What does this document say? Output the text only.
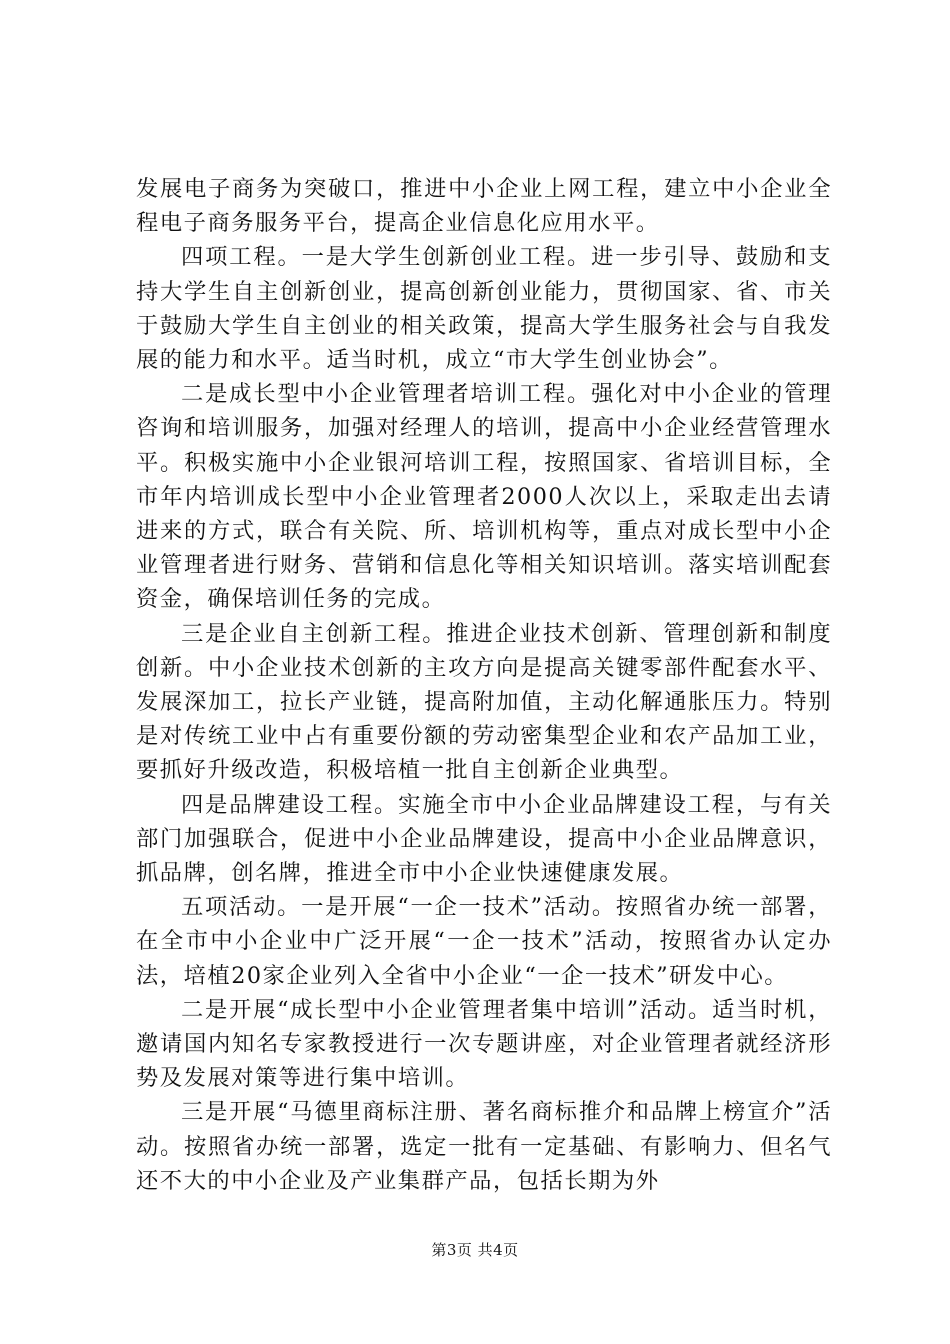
发展电子商务为突破口，推进中小企业上网工程，建立中小企业全程电子商务服务平台，提高企业信息化应用水平。

四项工程。一是大学生创新创业工程。进一步引导、鼓励和支持大学生自主创新创业，提高创新创业能力，贯彻国家、省、市关于鼓励大学生自主创业的相关政策，提高大学生服务社会与自我发展的能力和水平。适当时机，成立“市大学生创业协会”。

二是成长型中小企业管理者培训工程。强化对中小企业的管理咨询和培训服务，加强对经理人的培训，提高中小企业经营管理水平。积极实施中小企业银河培训工程，按照国家、省培训目标，全市年内培训成长型中小企业管理者2000人次以上，采取走出去请进来的方式，联合有关院、所、培训机构等，重点对成长型中小企业管理者进行财务、营销和信息化等相关知识培训。落实培训配套资金，确保培训任务的完成。

三是企业自主创新工程。推进企业技术创新、管理创新和制度创新。中小企业技术创新的主攻方向是提高关键零部件配套水平、发展深加工，拉长产业链，提高附加值，主动化解通胀压力。特别是对传统工业中占有重要份额的劳动密集型企业和农产品加工业，要抓好升级改造，积极培植一批自主创新企业典型。

四是品牌建设工程。实施全市中小企业品牌建设工程，与有关部门加强联合，促进中小企业品牌建设，提高中小企业品牌意识，抓品牌，创名牌，推进全市中小企业快速健康发展。

五项活动。一是开展“一企一技术”活动。按照省办统一部署，在全市中小企业中广泛开展“一企一技术”活动，按照省办认定办法，培植20家企业列入全省中小企业“一企一技术”研发中心。

二是开展“成长型中小企业管理者集中培训”活动。适当时机，邀请国内知名专家教授进行一次专题讲座，对企业管理者就经济形势及发展对策等进行集中培训。

三是开展“马德里商标注册、著名商标推介和品牌上榜宣介”活动。按照省办统一部署，选定一批有一定基础、有影响力、但名气还不大的中小企业及产业集群产品，包括长期为外

第3页 共4页
